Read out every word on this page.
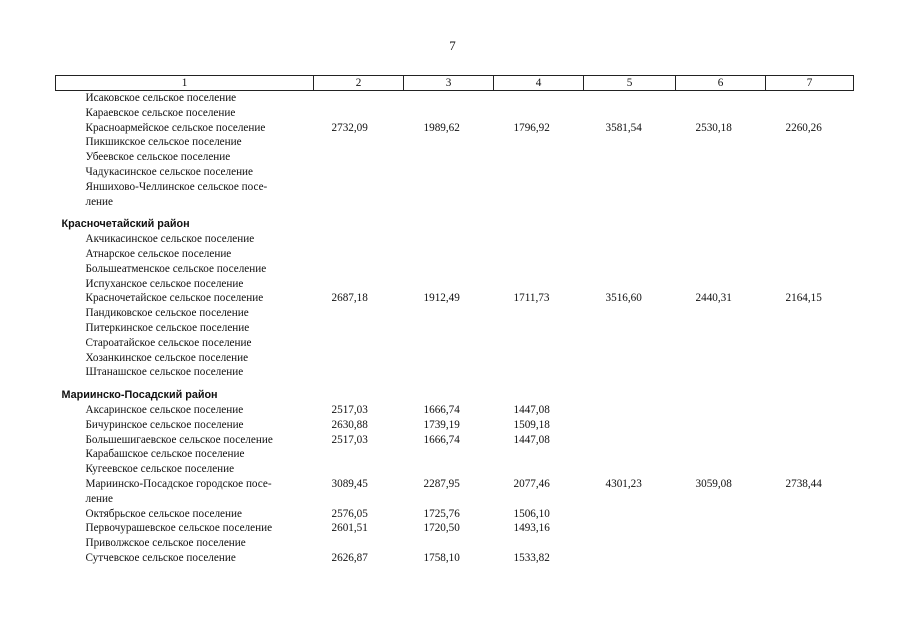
7
1	2	3	4	5	6	7
Исаковское сельское поселение						
Караевское сельское поселение						
Красноармейское сельское поселение	2732,09	1989,62	1796,92	3581,54	2530,18	2260,26
Пикшикское сельское поселение						
Убеевское сельское поселение						
Чадукасинское сельское поселение						
Яншихово-Челлинское сельское посе-						
ление						

Красночетайский район						
Акчикасинское сельское поселение						
Атнарское сельское поселение						
Большеатменское сельское поселение						
Испуханское сельское поселение						
Красночетайское сельское поселение	2687,18	1912,49	1711,73	3516,60	2440,31	2164,15
Пандиковское сельское поселение						
Питеркинское сельское поселение						
Староатайское сельское поселение						
Хозанкинское сельское поселение						
Штанашское сельское поселение						

Мариинско-Посадский район						
Аксаринское сельское поселение	2517,03	1666,74	1447,08			
Бичуринское сельское поселение	2630,88	1739,19	1509,18			
Большешигаевское сельское поселение	2517,03	1666,74	1447,08			
Карабашское сельское поселение						
Кугеевское сельское поселение						
Мариинско-Посадское городское посе-	3089,45	2287,95	2077,46	4301,23	3059,08	2738,44
ление						
Октябрьское сельское поселение	2576,05	1725,76	1506,10			
Первочурашевское сельское поселение	2601,51	1720,50	1493,16			
Приволжское сельское поселение						
Сутчевское сельское поселение	2626,87	1758,10	1533,82			
